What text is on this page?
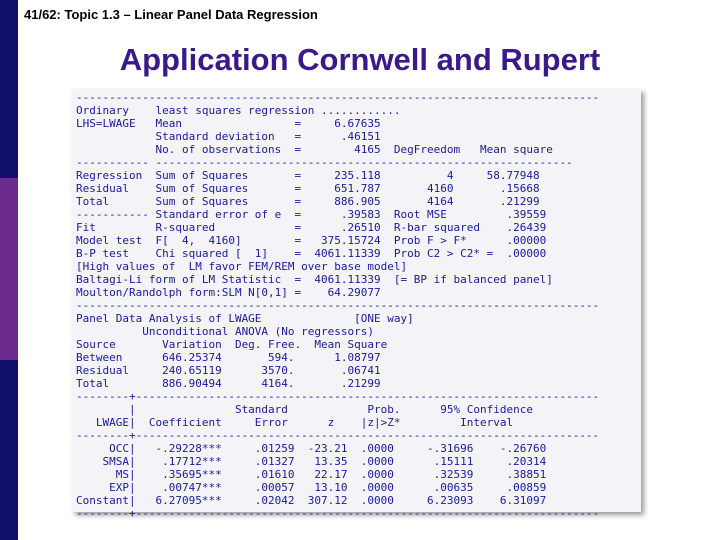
41/62: Topic 1.3 – Linear Panel Data Regression
Application Cornwell and Rupert
-------------------------------------------------------------------------------
Ordinary    least squares regression ............
LHS=LWAGE   Mean                 =     6.67635
Standard deviation   =      .46151
No. of observations  =        4165  DegFreedom   Mean square
----------- ---------------------------------------------------------------
Regression  Sum of Squares       =     235.118          4     58.77948
Residual    Sum of Squares       =     651.787       4160       .15668
Total       Sum of Squares       =     886.905       4164       .21299
----------- Standard error of e  =      .39583  Root MSE         .39559
Fit         R-squared            =      .26510  R-bar squared    .26439
Model test  F[  4,  4160]        =   375.15724  Prob F > F*      .00000
B-P test    Chi squared [  1]    =  4061.11339  Prob C2 > C2* =  .00000
[High values of  LM favor FEM/REM over base model]
Baltagi-Li form of LM Statistic  =  4061.11339  [= BP if balanced panel]
Moulton/Randolph form:SLM N[0,1] =    64.29077
-------------------------------------------------------------------------------
Panel Data Analysis of LWAGE              [ONE way]
Unconditional ANOVA (No regressors)
Source       Variation  Deg. Free.  Mean Square
Between      646.25374       594.      1.08797
Residual     240.65119      3570.       .06741
Total        886.90494      4164.       .21299
--------+----------------------------------------------------------------------
|               Standard            Prob.      95% Confidence
LWAGE|  Coefficient     Error      z    |z|>Z*         Interval
--------+----------------------------------------------------------------------
OCC|   -.29228***     .01259  -23.21  .0000     -.31696    -.26760
SMSA|    .17712***     .01327   13.35  .0000      .15111     .20314
MS|    .35695***     .01610   22.17  .0000      .32539     .38851
EXP|    .00747***     .00057   13.10  .0000      .00635     .00859
Constant|   6.27095***     .02042  307.12  .0000     6.23093    6.31097
--------+----------------------------------------------------------------------
